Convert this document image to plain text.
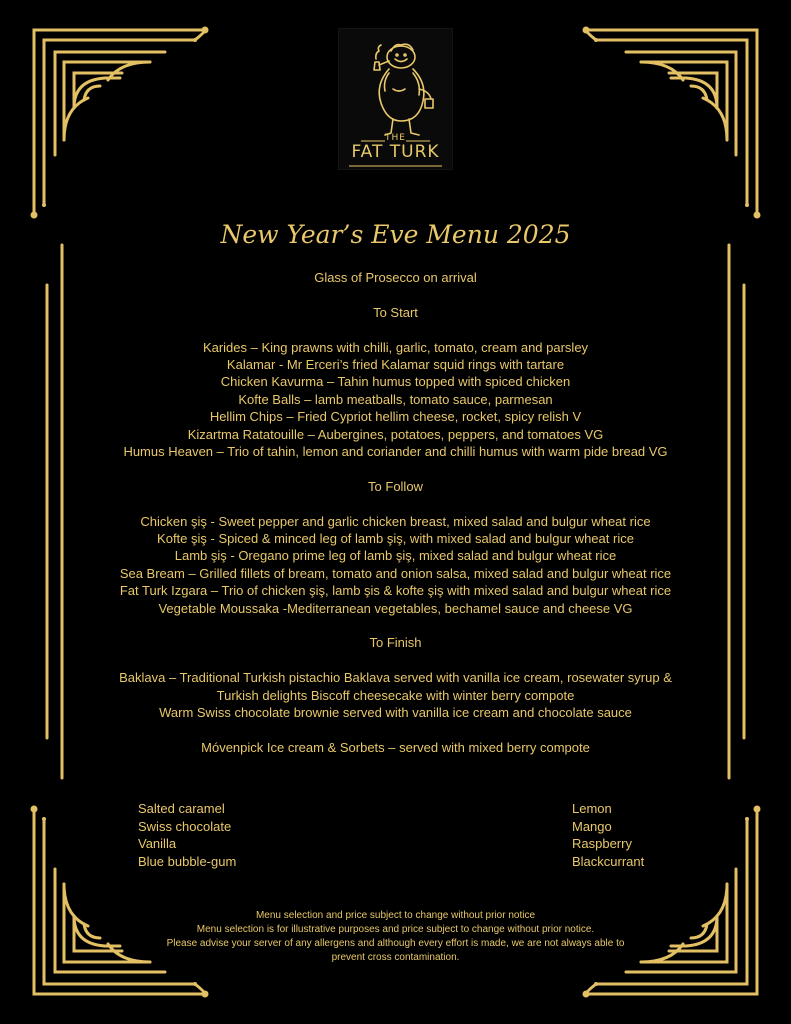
THE
FAT TURK
New Year’s Eve Menu 2025

Glass of Prosecco on arrival

To Start

Karides – King prawns with chilli, garlic, tomato, cream and parsley

Kalamar - Mr Erceri’s fried Kalamar squid rings with tartare

Chicken Kavurma – Tahin humus topped with spiced chicken

Kofte Balls – lamb meatballs, tomato sauce, parmesan

Hellim Chips – Fried Cypriot hellim cheese, rocket, spicy relish V

Kizartma Ratatouille – Aubergines, potatoes, peppers, and tomatoes VG

Humus Heaven – Trio of tahin, lemon and coriander and chilli humus with warm pide bread VG

To Follow

Chicken şiş - Sweet pepper and garlic chicken breast, mixed salad and bulgur wheat rice

Kofte şiş - Spiced & minced leg of lamb şiş, with mixed salad and bulgur wheat rice

Lamb şiş - Oregano prime leg of lamb şiş, mixed salad and bulgur wheat rice

Sea Bream – Grilled fillets of bream, tomato and onion salsa, mixed salad and bulgur wheat rice

Fat Turk Izgara – Trio of chicken şiş, lamb şis & kofte şiş with mixed salad and bulgur wheat rice

Vegetable Moussaka -Mediterranean vegetables, bechamel sauce and cheese VG

To Finish

Baklava – Traditional Turkish pistachio Baklava served with vanilla ice cream, rosewater syrup &

Turkish delights Biscoff cheesecake with winter berry compote

Warm Swiss chocolate brownie served with vanilla ice cream and chocolate sauce

Móvenpick Ice cream & Sorbets – served with mixed berry compote

Salted caramel
Swiss chocolate
Vanilla
Blue bubble-gum
Lemon
Mango
Raspberry
Blackcurrant

Menu selection and price subject to change without prior notice

Menu selection is for illustrative purposes and price subject to change without prior notice.

Please advise your server of any allergens and although every effort is made, we are not always able to

prevent cross contamination.
